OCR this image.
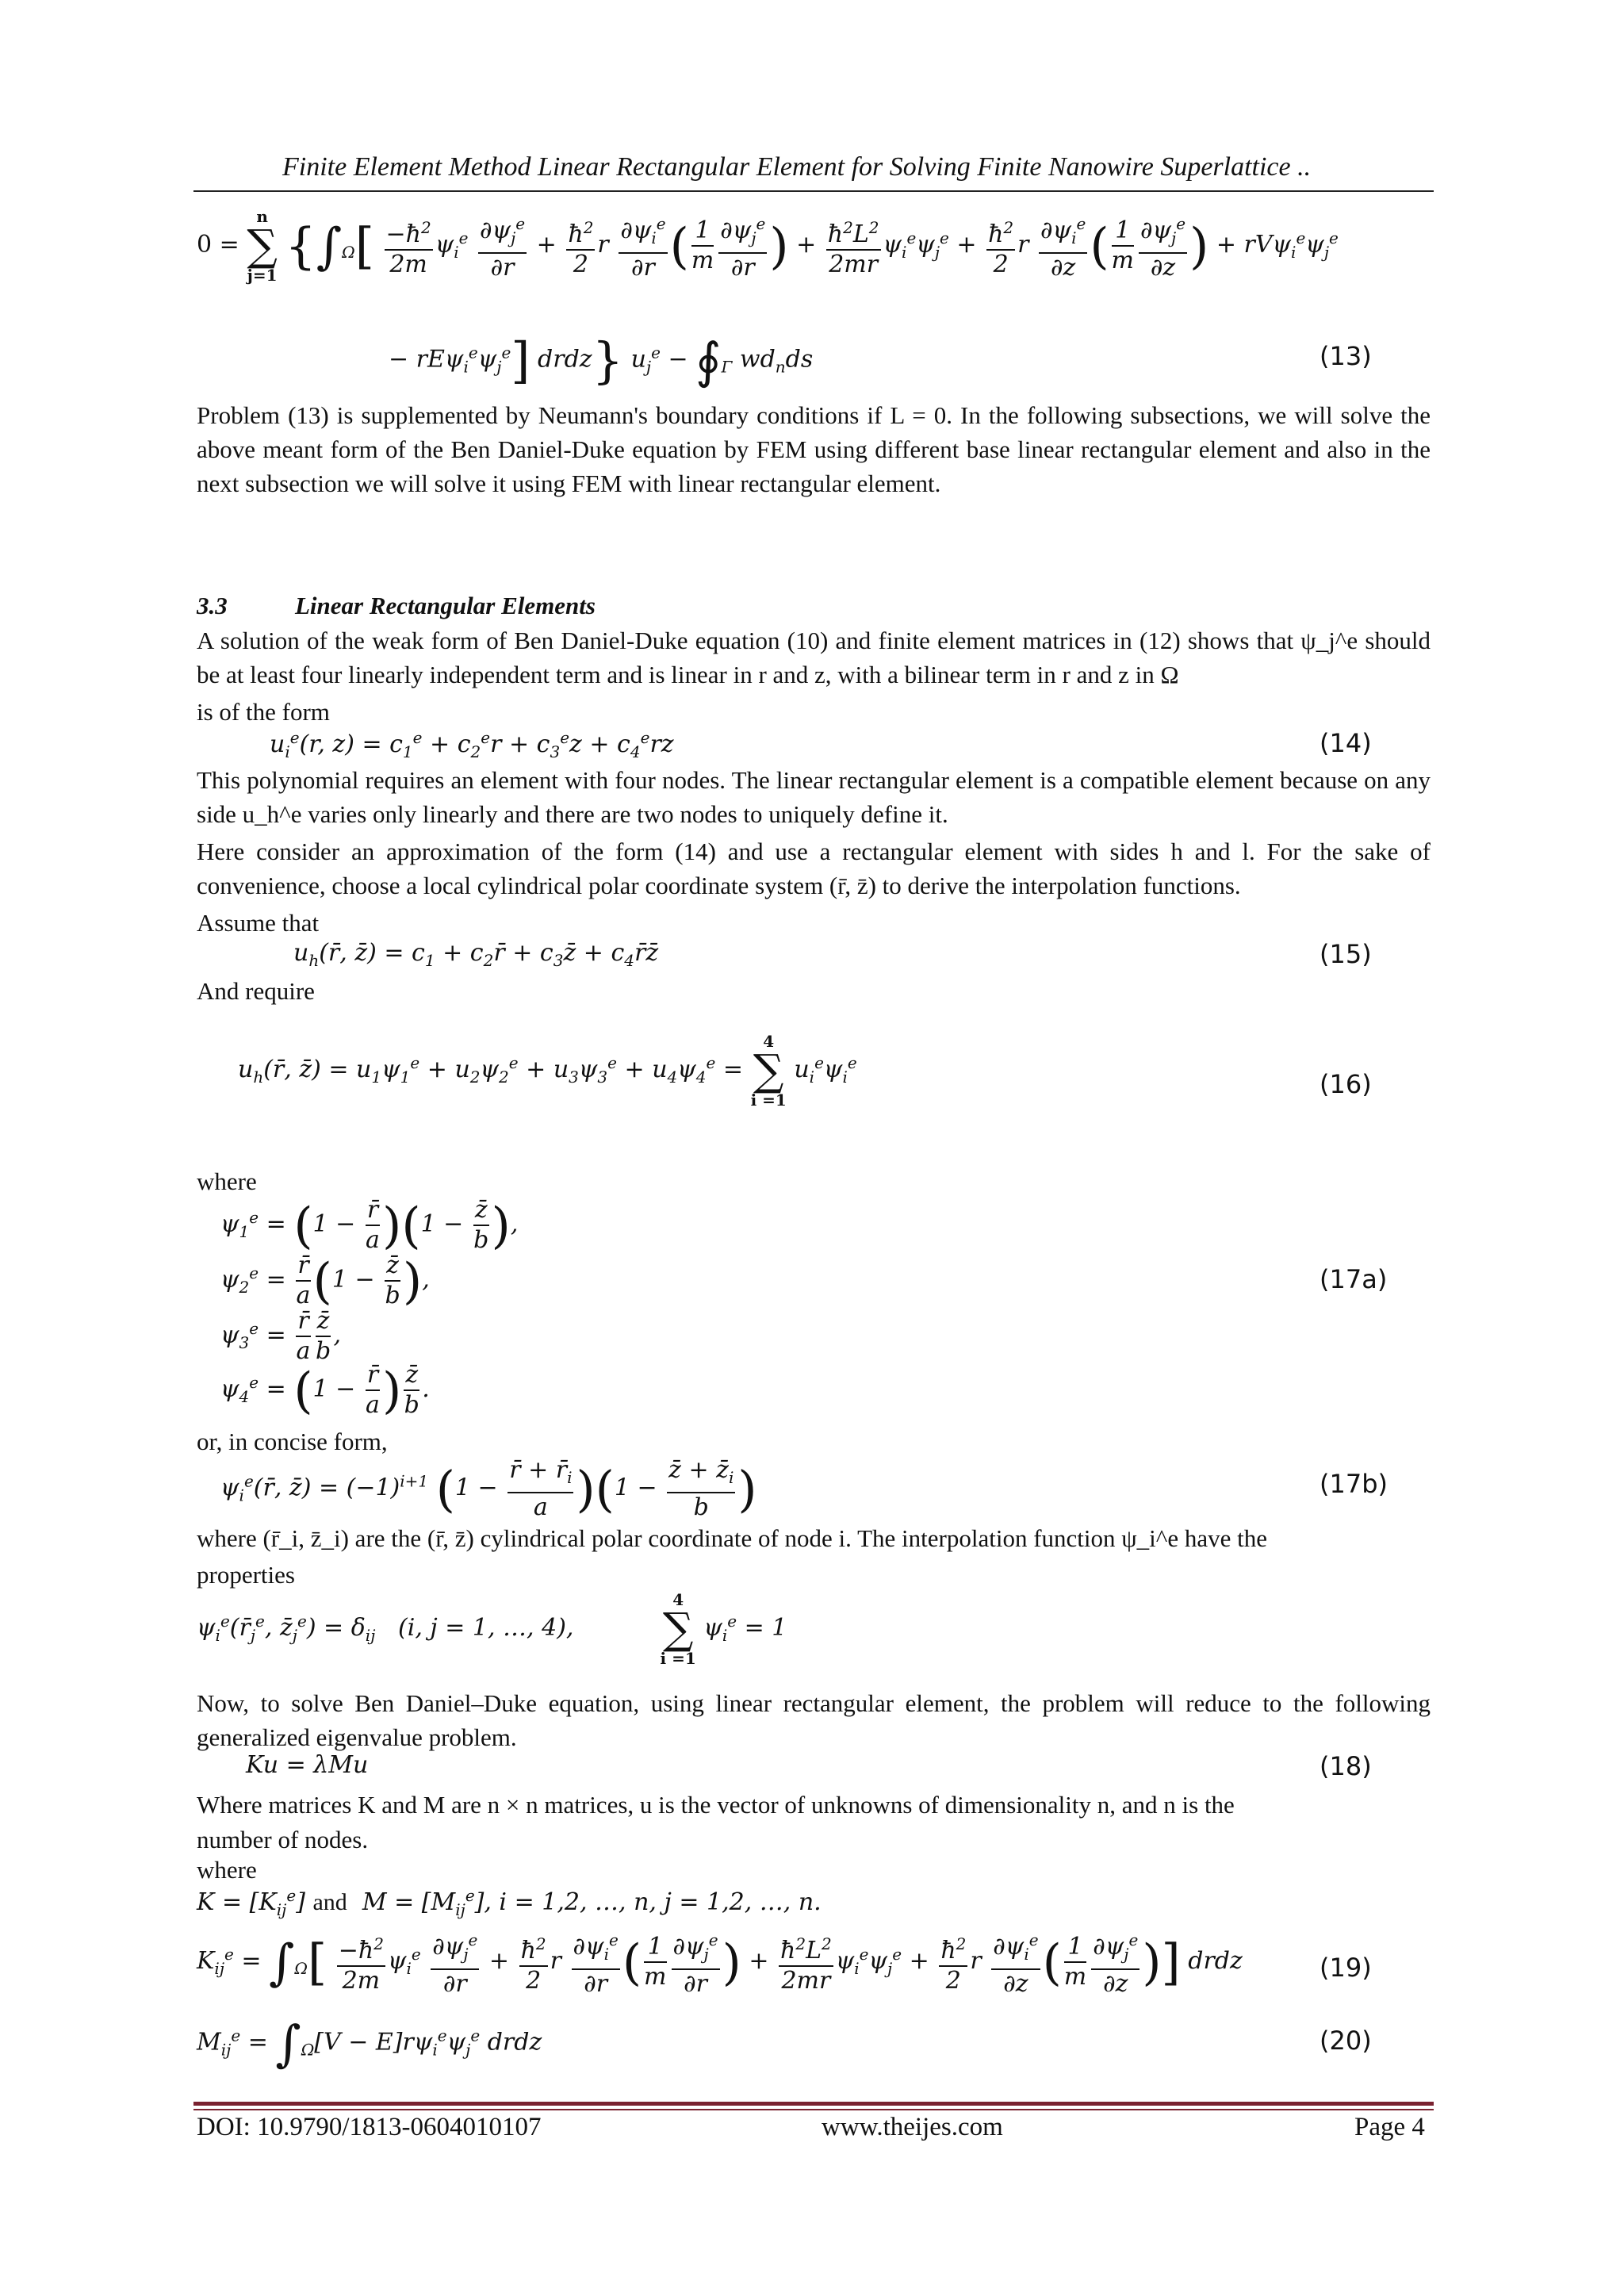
Finite Element Method Linear Rectangular Element for Solving Finite Nanowire Superlattice ..
0 =
n
∑
j=1
{$\int_\Omega[ \frac{-ħ^2}{2m} \psi_i^e \frac{\partial\psi_j^e}{\partial r} + \frac{ħ^2}{2}$ r $\frac{\partial\psi_i^e}{\partial r}$ ( $\frac{1}{m} \frac{\partial\psi_j^e}{\partial r}$ ) + $\frac{ħ^2L^2}{2mr} \psi_i^e\psi_j^e + \frac{ħ^2}{2}$ r $\frac{\partial\psi_i^e}{\partial z}$ ( $\frac{1}{m} \frac{\partial\psi_j^e}{\partial z}$ ) + $rV\psi_i^e\psi_j^e$
− $rE\psi_i^e\psi_j^e$] drdz} $u_j^e$ − $∮_\Gamma$ $wd_nds$	(13)
Problem (13) is supplemented by Neumann's boundary conditions if L = 0. In the following subsections, we will solve the above meant form of the Ben Daniel-Duke equation by FEM using different base linear rectangular element and also in the next subsection we will solve it using FEM with linear rectangular element.
3.3	Linear Rectangular Elements
A solution of the weak form of Ben Daniel-Duke equation (10) and finite element matrices in (12) shows that ψ_j^e should be at least four linearly independent term and is linear in r and z, with a bilinear term in r and z in Ω
is of the form
$u_i^e(r$, $z) = c_1^e + c_2^er + c_3^ez + c_4^erz$	(14)
This polynomial requires an element with four nodes. The linear rectangular element is a compatible element because on any side u_h^e varies only linearly and there are two nodes to uniquely define it.
Here consider an approximation of the form (14) and use a rectangular element with sides h and l. For the sake of convenience, choose a local cylindrical polar coordinate system (r̄, z̄) to derive the interpolation functions.
Assume that
$u_h(r̄$, z̄) = $c_1$ + $c_2r̄$ + $c_3z̄$ + $c_4r̄z̄$	(15)
And require
$u_h(r̄$, z̄) = $u_1\psi_1^e + u_2\psi_2^e + u_3\psi_3^e + u_4\psi_4^e$ =
4
∑
i =1
$u_i^e\psi_i^e$
(16)
where
$\psi_1^e = (1 - \frac{r̄}{a} )(1 - \frac{z̄}{b}$ ),
$\psi_2^e = \frac{r̄}{a} (1 - \frac{z̄}{b}$ ),
$\psi_3^e = \frac{r̄}{a} \frac{z̄}{b}$ ,
$\psi_4^e = (1 - \frac{r̄}{a}$ ) $\frac{z̄}{b}$ .
(17a)
or, in concise form,
$\psi_i^e(r̄$, z̄) = $(-1)^{i+1}$ $(1 - \frac{r̄ + r̄_i}{a} )(1 - \frac{z̄ + z̄_i}{b}$ )	(17b)
where (r̄_i, z̄_i) are the (r̄, z̄) cylindrical polar coordinate of node i. The interpolation function ψ_i^e have the
properties
$\psi_i^e(r̄_j^e$, $z̄_j^e) = \delta_{ij}$   (i, j = 1, …, 4),
4
∑
i =1
$\psi_i^e = 1$
Now, to solve Ben Daniel–Duke equation, using linear rectangular element, the problem will reduce to the following generalized eigenvalue problem.
Ku = λMu	(18)
Where matrices K and M are n × n matrices, u is the vector of unknowns of dimensionality n, and n is the
number of nodes.
where
$K = [K_{ij}^e]$ and  $M = [M_{ij}^e]$, i = 1,2, …, n, j = 1,2, …, n.
$K_{ij}^e = \int_\Omega[ \frac{-ħ^2}{2m} \psi_i^e \frac{\partial\psi_j^e}{\partial r} + \frac{ħ^2}{2}$ r $\frac{\partial\psi_i^e}{\partial r}$ ( $\frac{1}{m} \frac{\partial\psi_j^e}{\partial r}$ ) + $\frac{ħ^2L^2}{2mr} \psi_i^e\psi_j^e + \frac{ħ^2}{2}$ r $\frac{\partial\psi_i^e}{\partial z}$ ( $\frac{1}{m} \frac{\partial\psi_j^e}{\partial z}$ )] drdz	(19)
$M_{ij}^e = \int_\Omega[V - E]r\psi_i^e\psi_j^e$ drdz	(20)
DOI: 10.9790/1813-0604010107	www.theijes.com	Page 4
